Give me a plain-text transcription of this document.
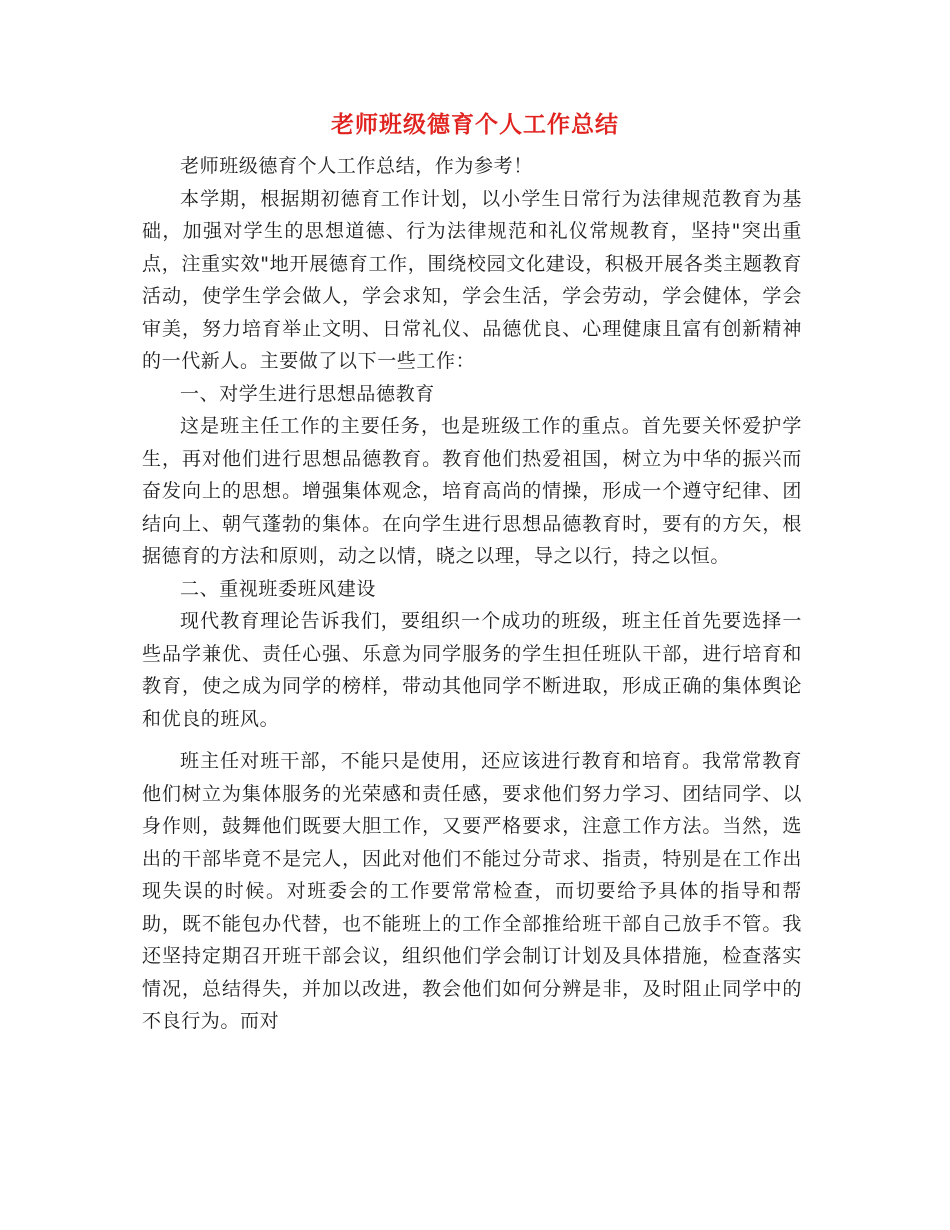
老师班级德育个人工作总结

老师班级德育个人工作总结，作为参考！

本学期，根据期初德育工作计划，以小学生日常行为法律规范教育为基础，加强对学生的思想道德、行为法律规范和礼仪常规教育，坚持"突出重点，注重实效"地开展德育工作，围绕校园文化建设，积极开展各类主题教育活动，使学生学会做人，学会求知，学会生活，学会劳动，学会健体，学会审美，努力培育举止文明、日常礼仪、品德优良、心理健康且富有创新精神的一代新人。主要做了以下一些工作：

一、对学生进行思想品德教育

这是班主任工作的主要任务，也是班级工作的重点。首先要关怀爱护学生，再对他们进行思想品德教育。教育他们热爱祖国，树立为中华的振兴而奋发向上的思想。增强集体观念，培育高尚的情操，形成一个遵守纪律、团结向上、朝气蓬勃的集体。在向学生进行思想品德教育时，要有的方矢，根据德育的方法和原则，动之以情，晓之以理，导之以行，持之以恒。

二、重视班委班风建设

现代教育理论告诉我们，要组织一个成功的班级，班主任首先要选择一些品学兼优、责任心强、乐意为同学服务的学生担任班队干部，进行培育和教育，使之成为同学的榜样，带动其他同学不断进取，形成正确的集体舆论和优良的班风。

班主任对班干部，不能只是使用，还应该进行教育和培育。我常常教育他们树立为集体服务的光荣感和责任感，要求他们努力学习、团结同学、以身作则，鼓舞他们既要大胆工作，又要严格要求，注意工作方法。当然，选出的干部毕竟不是完人，因此对他们不能过分苛求、指责，特别是在工作出现失误的时候。对班委会的工作要常常检查，而切要给予具体的指导和帮助，既不能包办代替，也不能班上的工作全部推给班干部自己放手不管。我还坚持定期召开班干部会议，组织他们学会制订计划及具体措施，检查落实情况，总结得失，并加以改进，教会他们如何分辨是非，及时阻止同学中的不良行为。而对
